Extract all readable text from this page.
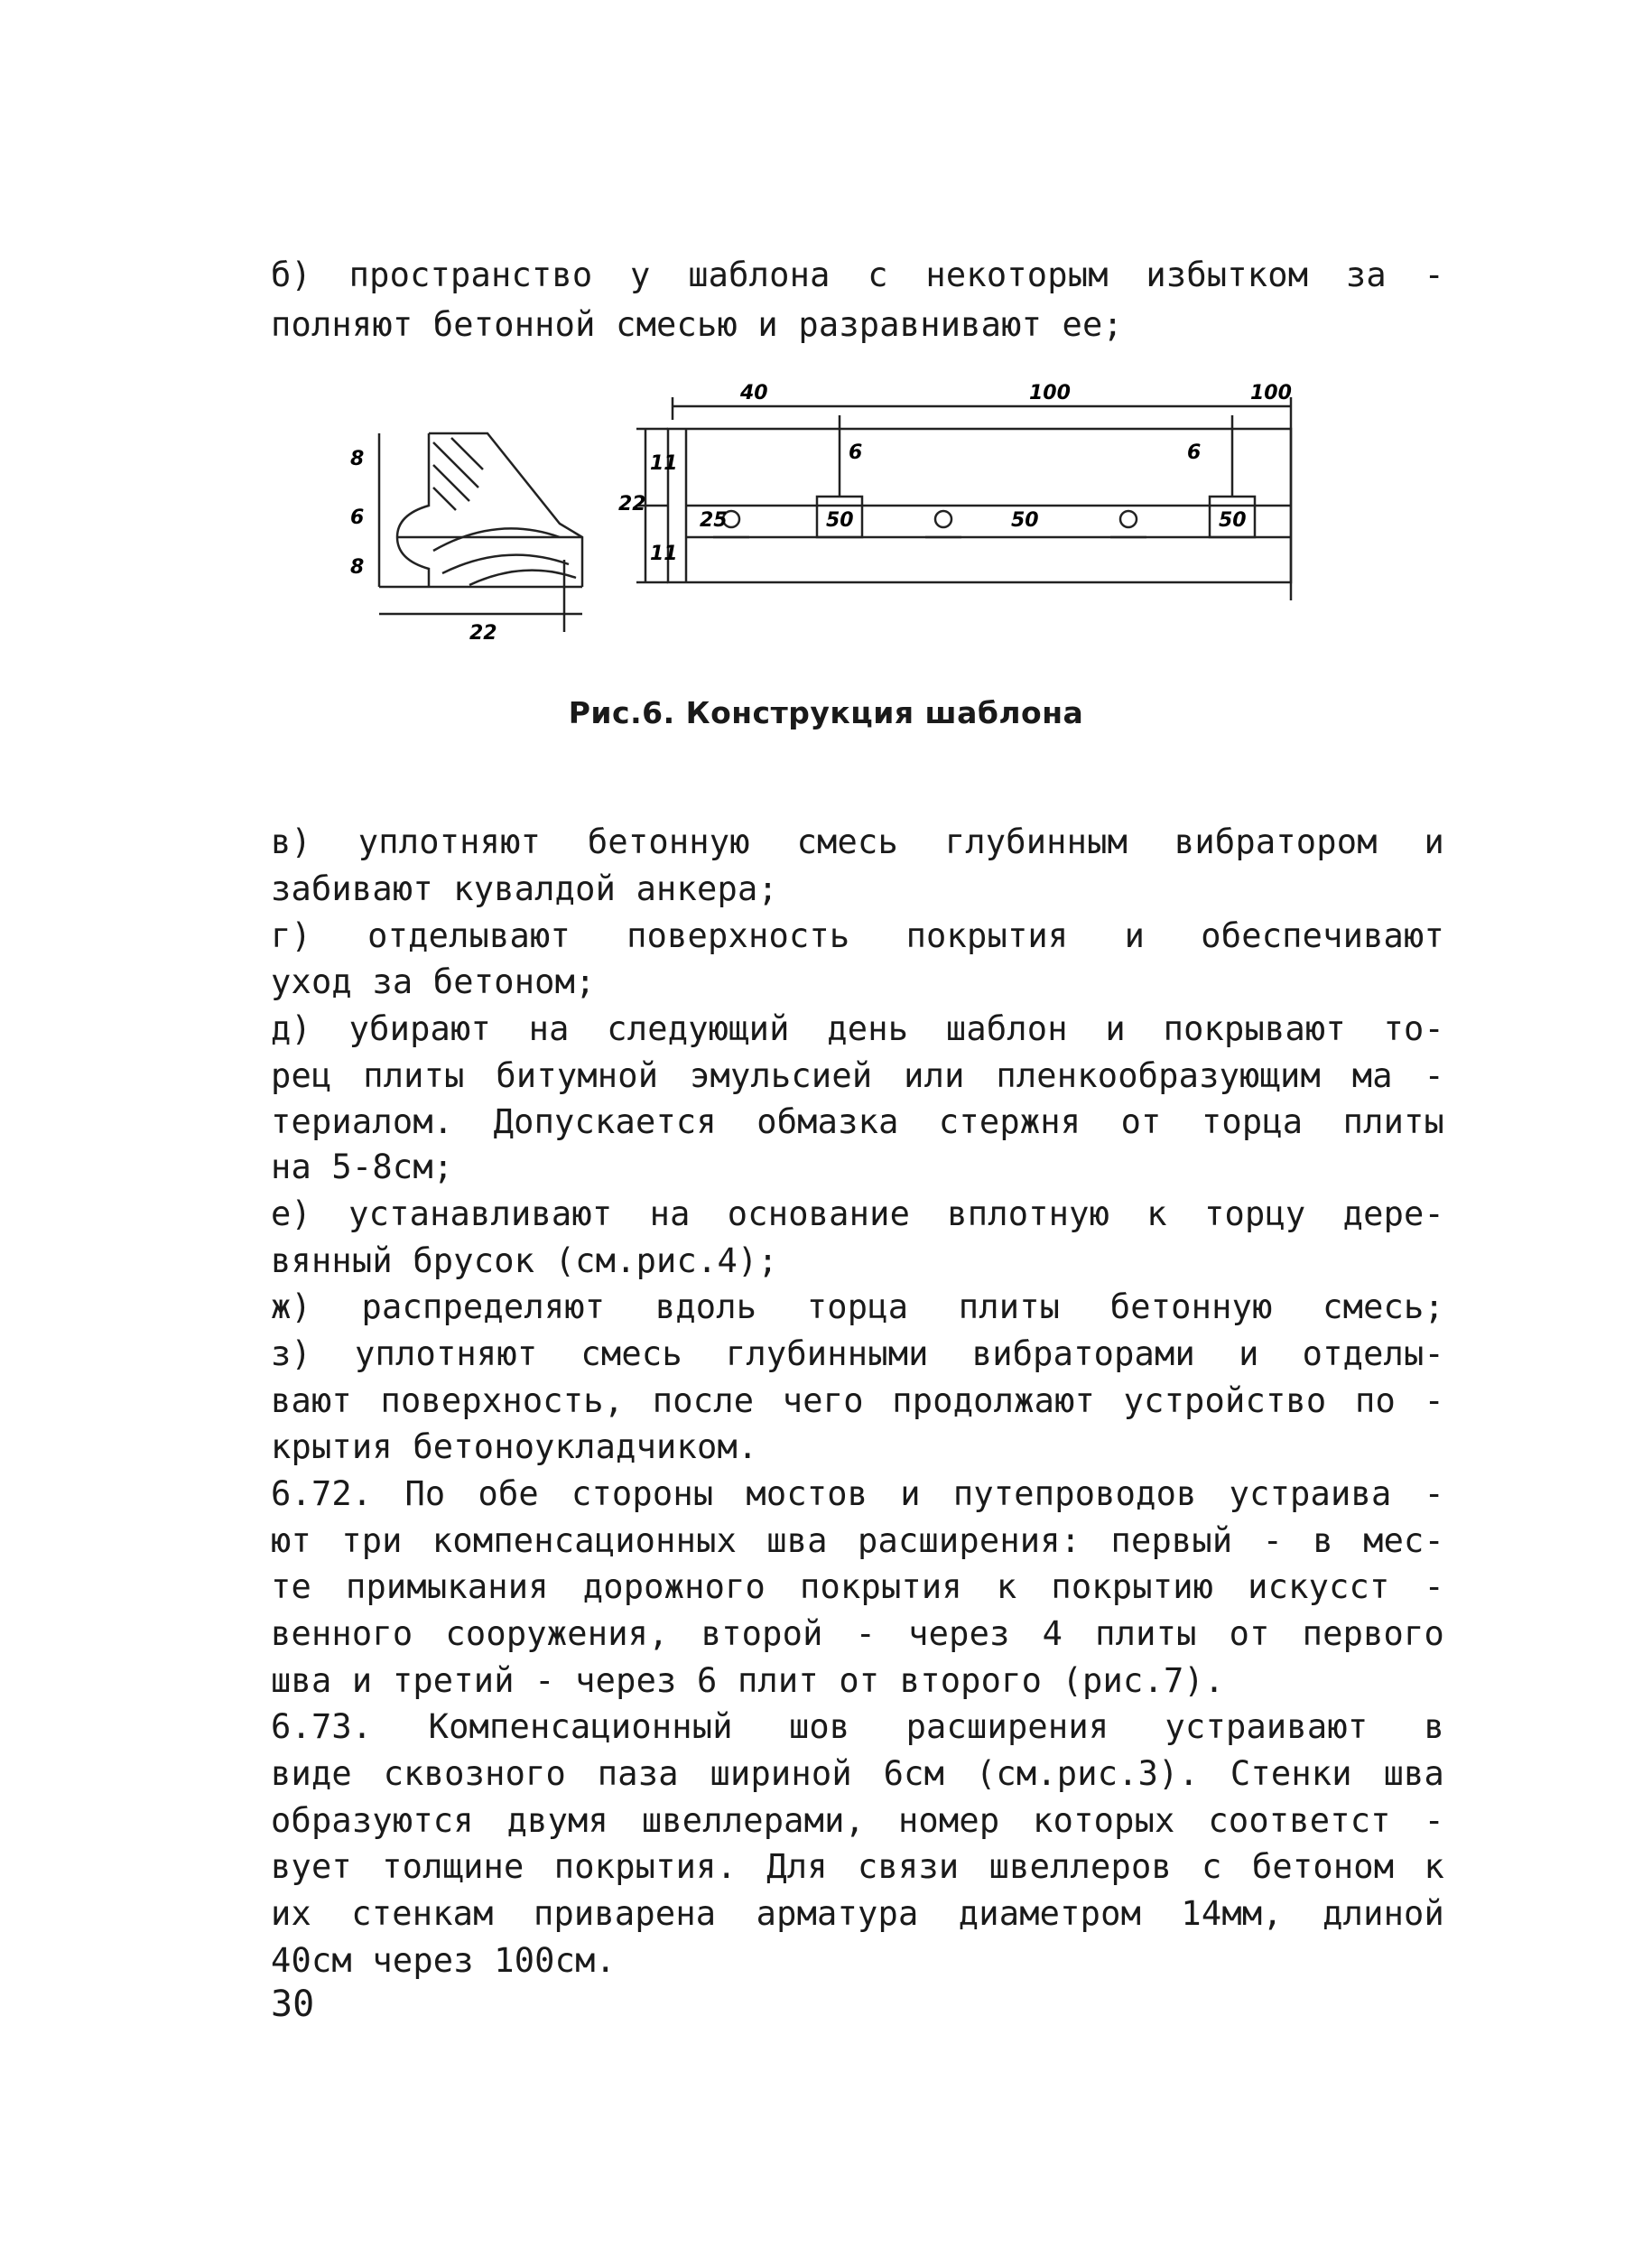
б) пространство у шаблона с некоторым избытком за -
полняют бетонной смесью и разравнивают ее;
40	100	100
6	6
25	50	50	50
22
11
11
8
6
8
22
Рис.6. Конструкция шаблона
в) уплотняют бетонную смесь глубинным вибратором и
забивают кувалдой анкера;
г) отделывают поверхность покрытия и обеспечивают
уход за бетоном;
д) убирают на следующий день шаблон и покрывают то-
рец плиты битумной эмульсией или пленкообразующим ма -
териалом. Допускается обмазка стержня от торца плиты
на 5-8см;
е) устанавливают на основание вплотную к торцу дере-
вянный брусок (см.рис.4);
ж) распределяют вдоль торца плиты бетонную смесь;
з) уплотняют смесь глубинными вибраторами и отделы-
вают поверхность, после чего продолжают устройство по -
крытия бетоноукладчиком.
6.72. По обе стороны мостов и путепроводов устраива -
ют три компенсационных шва расширения: первый - в мес-
те примыкания дорожного покрытия к покрытию искусст -
венного сооружения, второй - через 4 плиты от первого
шва и третий - через 6 плит от второго (рис.7).
6.73. Компенсационный шов расширения устраивают в
виде сквозного паза шириной 6см (см.рис.3). Стенки шва
образуются двумя швеллерами, номер которых соответст -
вует толщине покрытия. Для связи швеллеров с бетоном к
их стенкам приварена арматура диаметром 14мм, длиной
40см через 100см.
30
